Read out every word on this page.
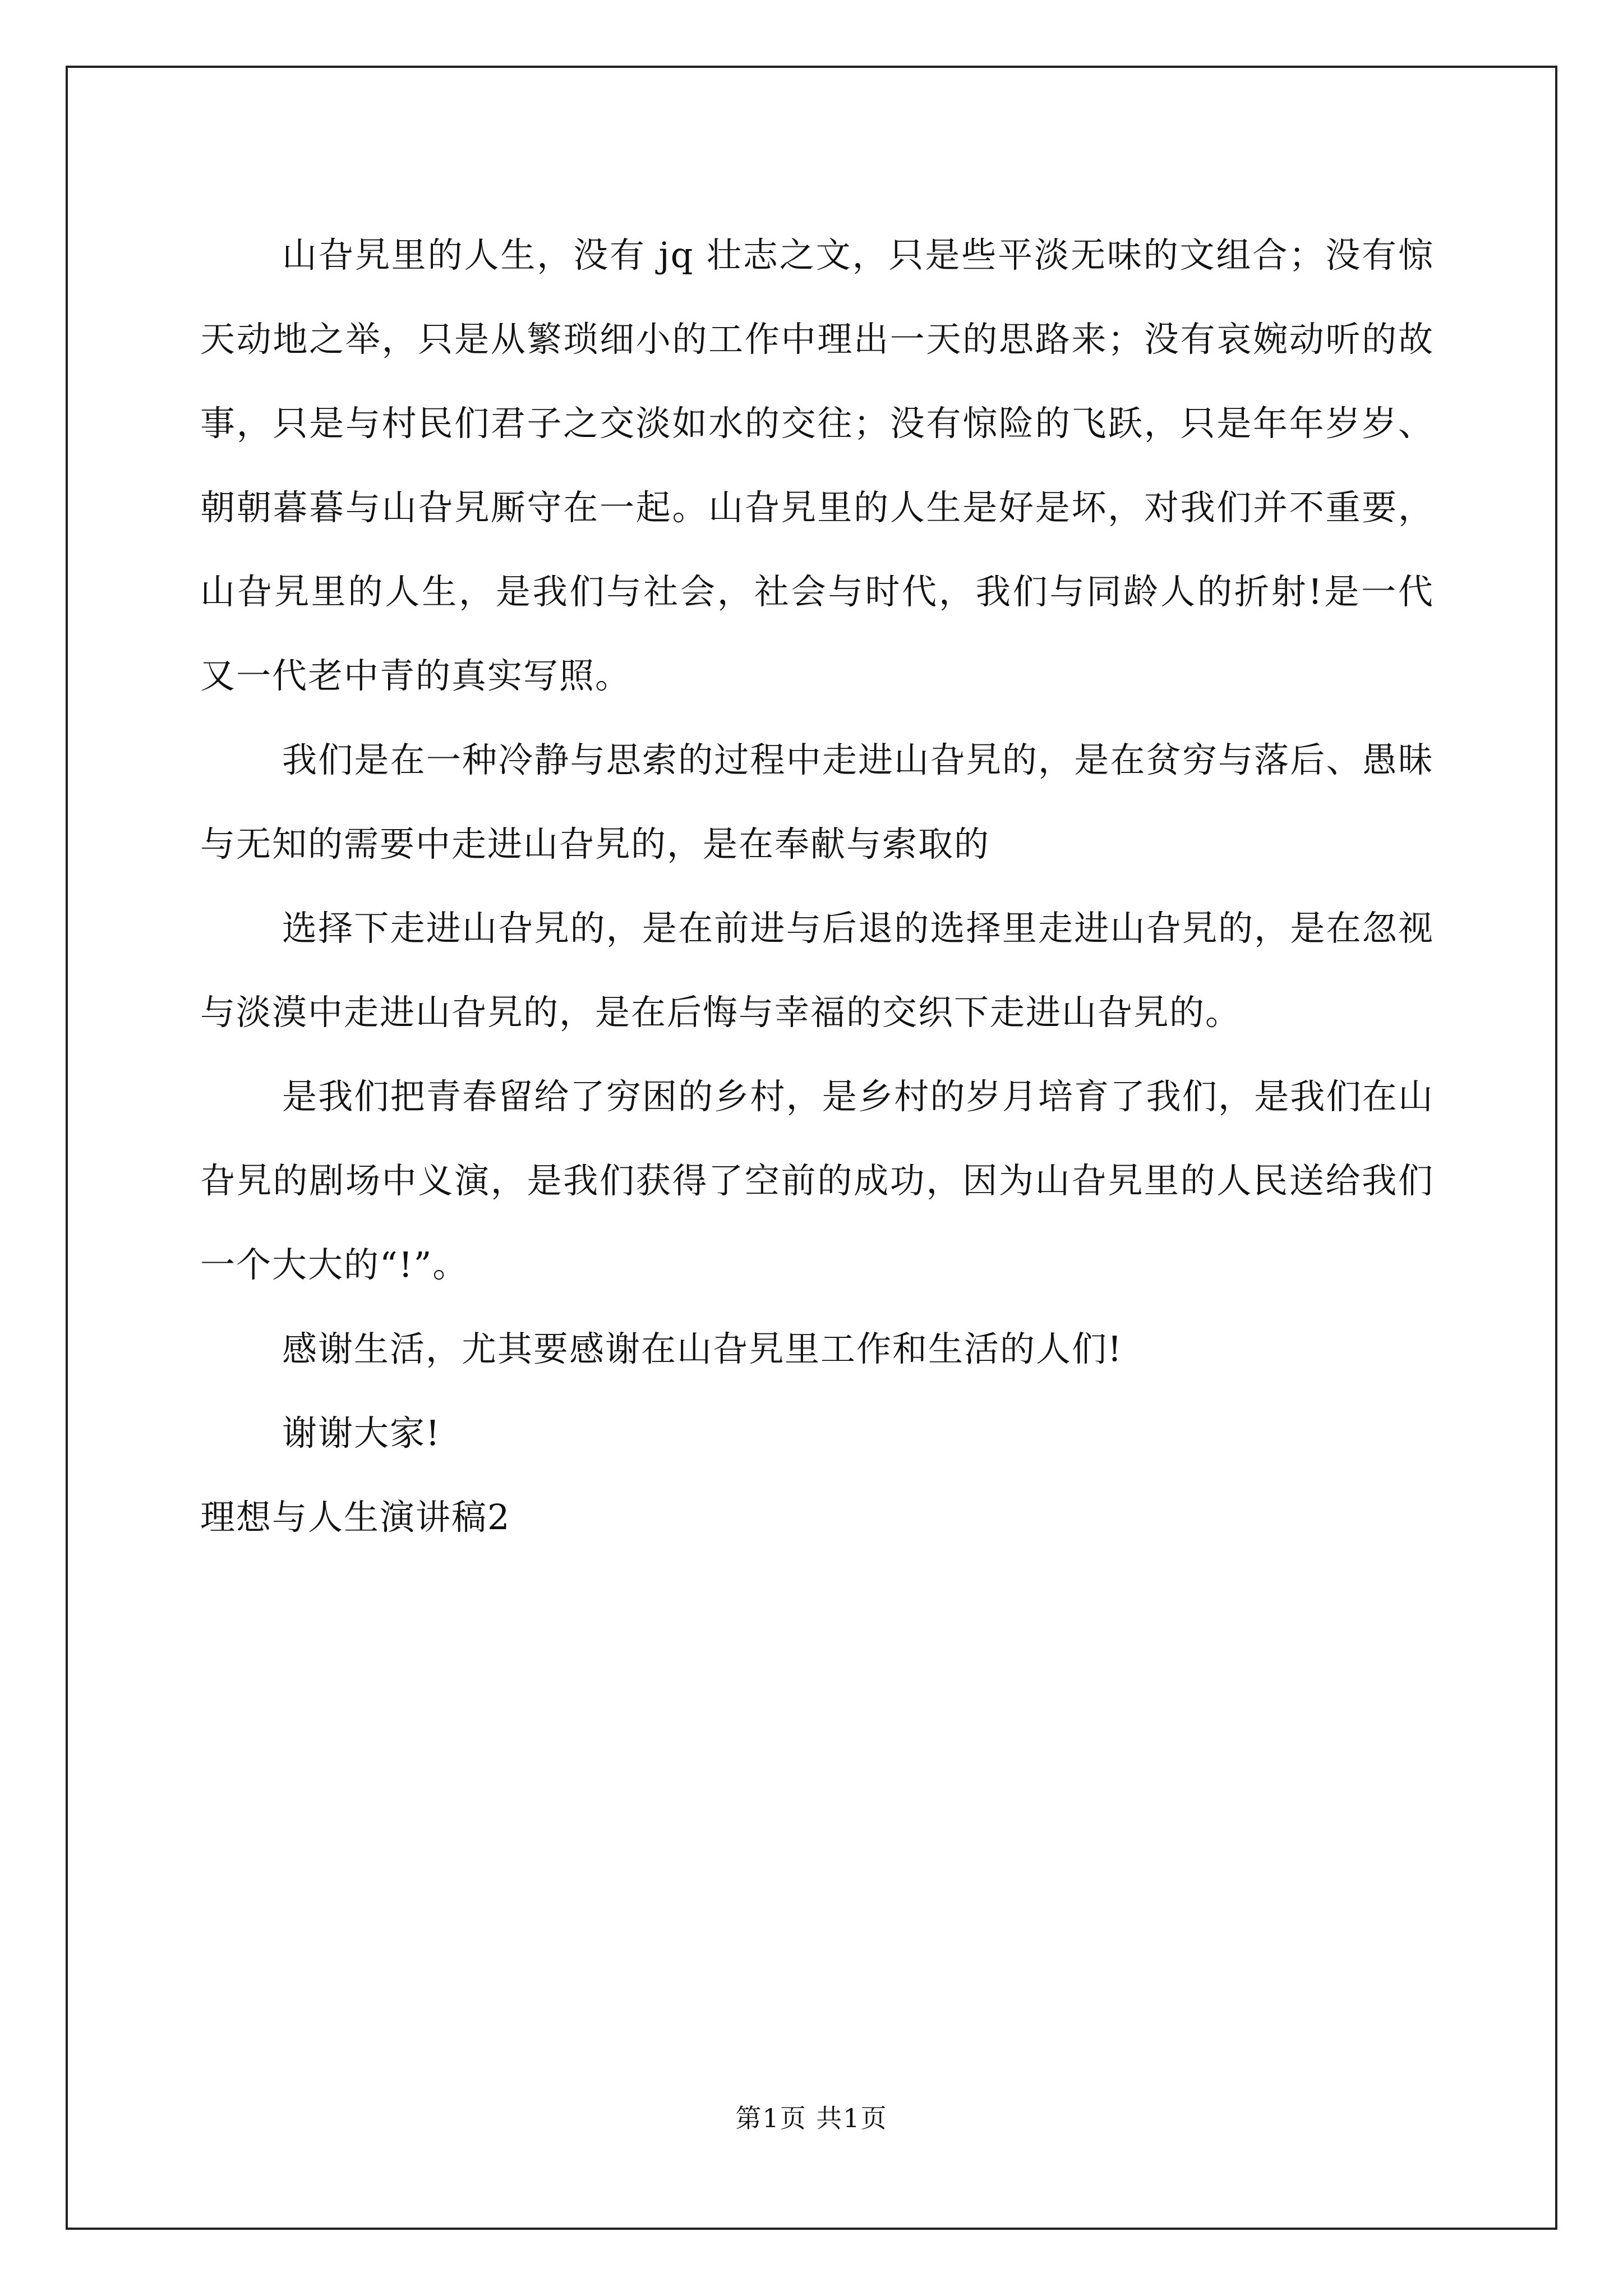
山旮旯里的人生，没有 jq 壮志之文，只是些平淡无味的文组合；没有惊天动地之举，只是从繁琐细小的工作中理出一天的思路来；没有哀婉动听的故事，只是与村民们君子之交淡如水的交往；没有惊险的飞跃，只是年年岁岁、朝朝暮暮与山旮旯厮守在一起。山旮旯里的人生是好是坏，对我们并不重要，山旮旯里的人生，是我们与社会，社会与时代，我们与同龄人的折射!是一代又一代老中青的真实写照。

我们是在一种冷静与思索的过程中走进山旮旯的，是在贫穷与落后、愚昧与无知的需要中走进山旮旯的，是在奉献与索取的

选择下走进山旮旯的，是在前进与后退的选择里走进山旮旯的，是在忽视与淡漠中走进山旮旯的，是在后悔与幸福的交织下走进山旮旯的。

是我们把青春留给了穷困的乡村，是乡村的岁月培育了我们，是我们在山旮旯的剧场中义演，是我们获得了空前的成功，因为山旮旯里的人民送给我们一个大大的“!”。

感谢生活，尤其要感谢在山旮旯里工作和生活的人们!

谢谢大家!

理想与人生演讲稿2

第1页 共1页
